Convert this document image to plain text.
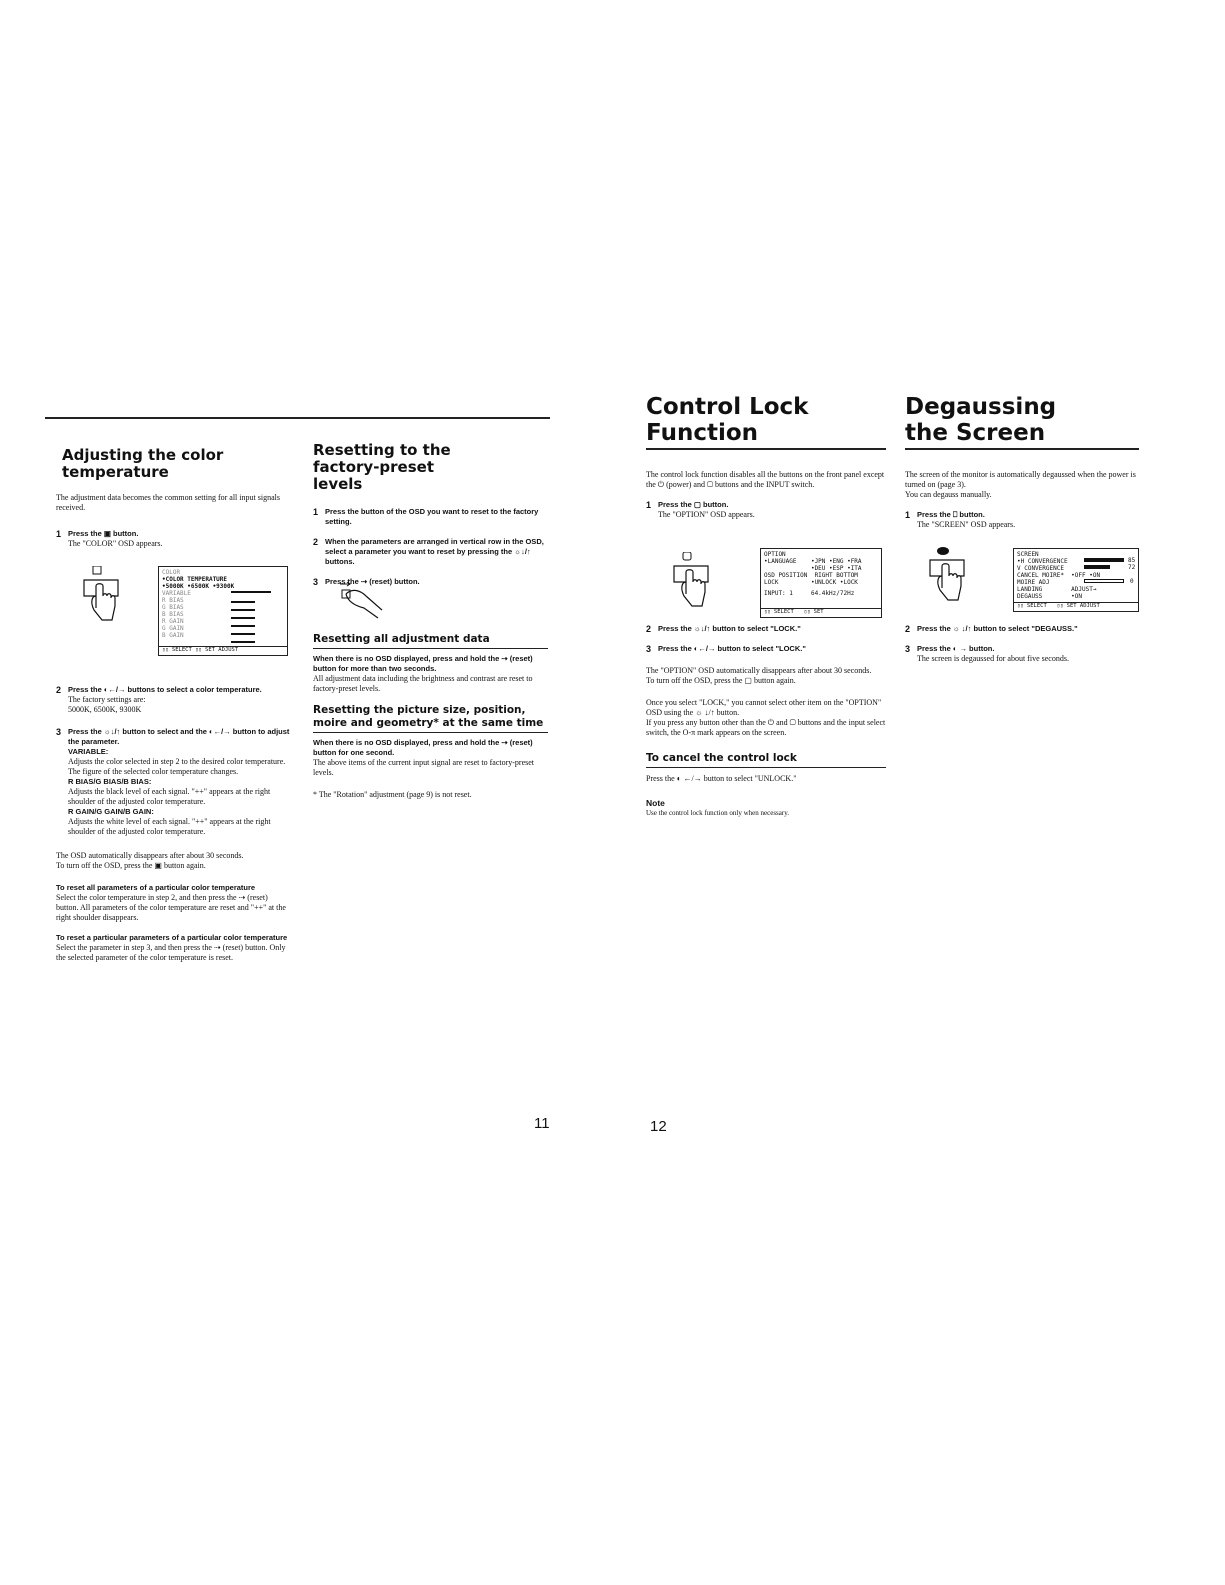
Adjusting the color temperature

The adjustment data becomes the common setting for all input signals received.

1 Press the ▣ button.

The "COLOR" OSD appears.

COLOR
•COLOR TEMPERATURE
•5000K •6500K •9300K
VARIABLE
R BIAS
G BIAS
B BIAS
R GAIN
G GAIN
B GAIN
▯▯ SELECT ▯▯ SET ADJUST
2 Press the ◐←/→ buttons to select a color temperature.

The factory settings are:
5000K, 6500K, 9300K

3 Press the ☼↓/↑ button to select and the ◐←/→ button to adjust the parameter.
VARIABLE:

Adjusts the color selected in step 2 to the desired color temperature. The figure of the selected color temperature changes.

R BIAS/G BIAS/B BIAS:

Adjusts the black level of each signal. "++" appears at the right shoulder of the adjusted color temperature.

R GAIN/G GAIN/B GAIN:

Adjusts the white level of each signal. "++" appears at the right shoulder of the adjusted color temperature.

The OSD automatically disappears after about 30 seconds.
To turn off the OSD, press the ▣ button again.

To reset all parameters of a particular color temperature

Select the color temperature in step 2, and then press the ⇢ (reset) button. All parameters of the color temperature are reset and "++" at the right shoulder disappears.

To reset a particular parameters of a particular color temperature

Select the parameter in step 3, and then press the ⇢ (reset) button. Only the selected parameter of the color temperature is reset.

Resetting to the factory-preset levels
1 Press the button of the OSD you want to reset to the factory setting.
2 When the parameters are arranged in vertical row in the OSD, select a parameter you want to reset by pressing the ☼↓/↑ buttons.
3 Press the ⇢ (reset) button.
Resetting all adjustment data
When there is no OSD displayed, press and hold the ⇢ (reset) button for more than two seconds.

All adjustment data including the brightness and contrast are reset to factory-preset levels.

Resetting the picture size, position, moire and geometry* at the same time
When there is no OSD displayed, press and hold the ⇢ (reset) button for one second.

The above items of the current input signal are reset to factory-preset levels.

* The "Rotation" adjustment (page 9) is not reset.

11
Control Lock Function

The control lock function disables all the buttons on the front panel except the ⏻ (power) and ▢ buttons and the INPUT switch.

1 Press the ▢ button.

The "OPTION" OSD appears.

OPTION
•LANGUAGE    •JPN •ENG •FRA
•DEU •ESP •ITA
OSD POSITION  RIGHT BOTTOM
LOCK         •UNLOCK •LOCK
INPUT: 1     64.4kHz/72Hz
▯▯ SELECT   ▯▯ SET
2 Press the ☼↓/↑ button to select "LOCK."
3 Press the ◐←/→ button to select "LOCK."

The "OPTION" OSD automatically disappears after about 30 seconds.
To turn off the OSD, press the ▢ button again.

Once you select "LOCK," you cannot select other item on the "OPTION" OSD using the ☼ ↓/↑ button.
If you press any button other than the ⏻ and ▢ buttons and the input select switch, the O-π mark appears on the screen.

To cancel the control lock

Press the ◐ ←/→ button to select "UNLOCK."

Note

Use the control lock function only when necessary.

12
Degaussing the Screen

The screen of the monitor is automatically degaussed when the power is turned on (page 3).
You can degauss manually.

1 Press the ⎕ button.

The "SCREEN" OSD appears.

SCREEN
•H CONVERGENCE
V CONVERGENCE
CANCEL MOIRE*  •OFF •ON
MOIRE ADJ
LANDING        ADJUST→
DEGAUSS        •ON
85
72
0
▯▯ SELECT   ▯▯ SET ADJUST
2 Press the ☼ ↓/↑ button to select "DEGAUSS."
3 Press the ◐ → button.

The screen is degaussed for about five seconds.
